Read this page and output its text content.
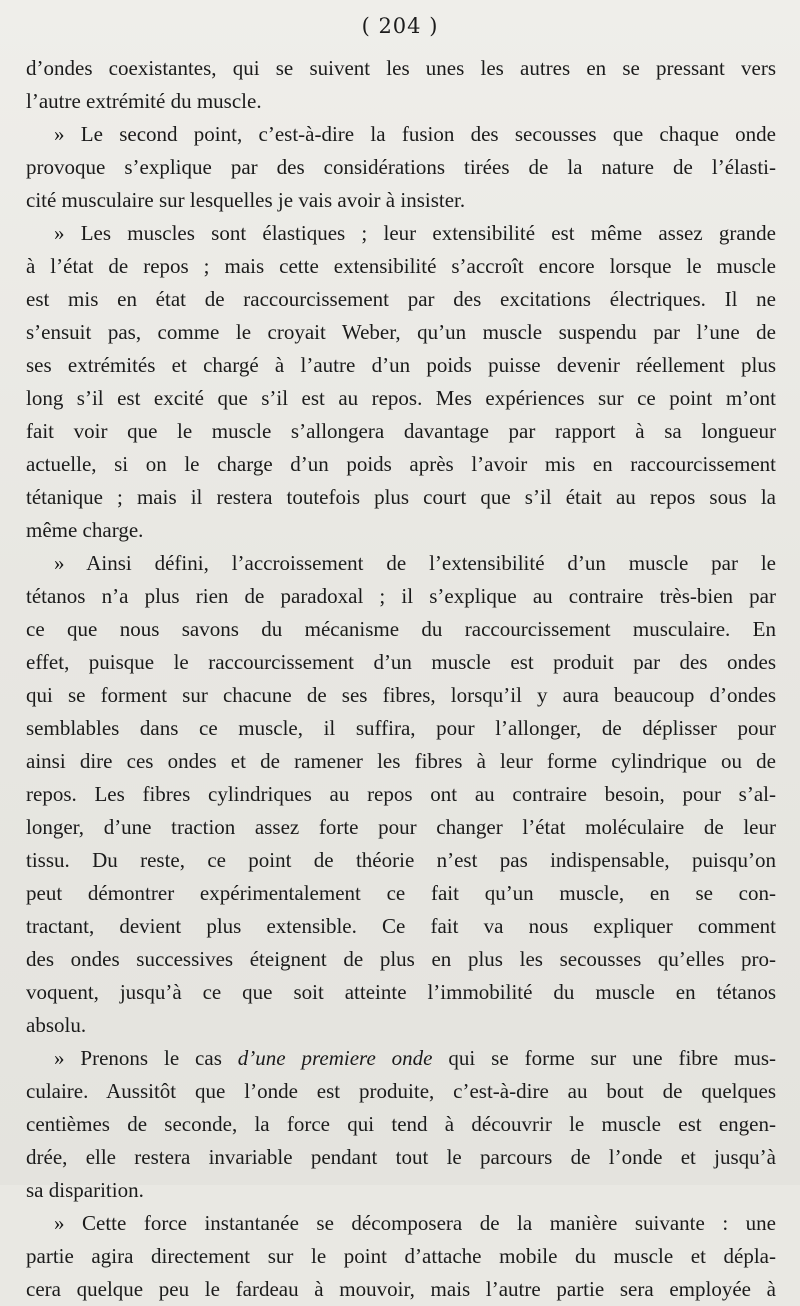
( 204 )
d’ondes coexistantes, qui se suivent les unes les autres en se pressant vers
l’autre extrémité du muscle.
» Le second point, c’est-à-dire la fusion des secousses que chaque onde
provoque s’explique par des considérations tirées de la nature de l’élasti-
cité musculaire sur lesquelles je vais avoir à insister.
» Les muscles sont élastiques ; leur extensibilité est même assez grande
à l’état de repos ; mais cette extensibilité s’accroît encore lorsque le muscle
est mis en état de raccourcissement par des excitations électriques. Il ne
s’ensuit pas, comme le croyait Weber, qu’un muscle suspendu par l’une de
ses extrémités et chargé à l’autre d’un poids puisse devenir réellement plus
long s’il est excité que s’il est au repos. Mes expériences sur ce point m’ont
fait voir que le muscle s’allongera davantage par rapport à sa longueur
actuelle, si on le charge d’un poids après l’avoir mis en raccourcissement
tétanique ; mais il restera toutefois plus court que s’il était au repos sous la
même charge.
» Ainsi défini, l’accroissement de l’extensibilité d’un muscle par le
tétanos n’a plus rien de paradoxal ; il s’explique au contraire très-bien par
ce que nous savons du mécanisme du raccourcissement musculaire. En
effet, puisque le raccourcissement d’un muscle est produit par des ondes
qui se forment sur chacune de ses fibres, lorsqu’il y aura beaucoup d’ondes
semblables dans ce muscle, il suffira, pour l’allonger, de déplisser pour
ainsi dire ces ondes et de ramener les fibres à leur forme cylindrique ou de
repos. Les fibres cylindriques au repos ont au contraire besoin, pour s’al-
longer, d’une traction assez forte pour changer l’état moléculaire de leur
tissu. Du reste, ce point de théorie n’est pas indispensable, puisqu’on
peut démontrer expérimentalement ce fait qu’un muscle, en se con-
tractant, devient plus extensible. Ce fait va nous expliquer comment
des ondes successives éteignent de plus en plus les secousses qu’elles pro-
voquent, jusqu’à ce que soit atteinte l’immobilité du muscle en tétanos
absolu.
» Prenons le cas d’une premiere onde qui se forme sur une fibre mus-
culaire. Aussitôt que l’onde est produite, c’est-à-dire au bout de quelques
centièmes de seconde, la force qui tend à découvrir le muscle est engen-
drée, elle restera invariable pendant tout le parcours de l’onde et jusqu’à
sa disparition.
» Cette force instantanée se décomposera de la manière suivante : une
partie agira directement sur le point d’attache mobile du muscle et dépla-
cera quelque peu le fardeau à mouvoir, mais l’autre partie sera employée à
